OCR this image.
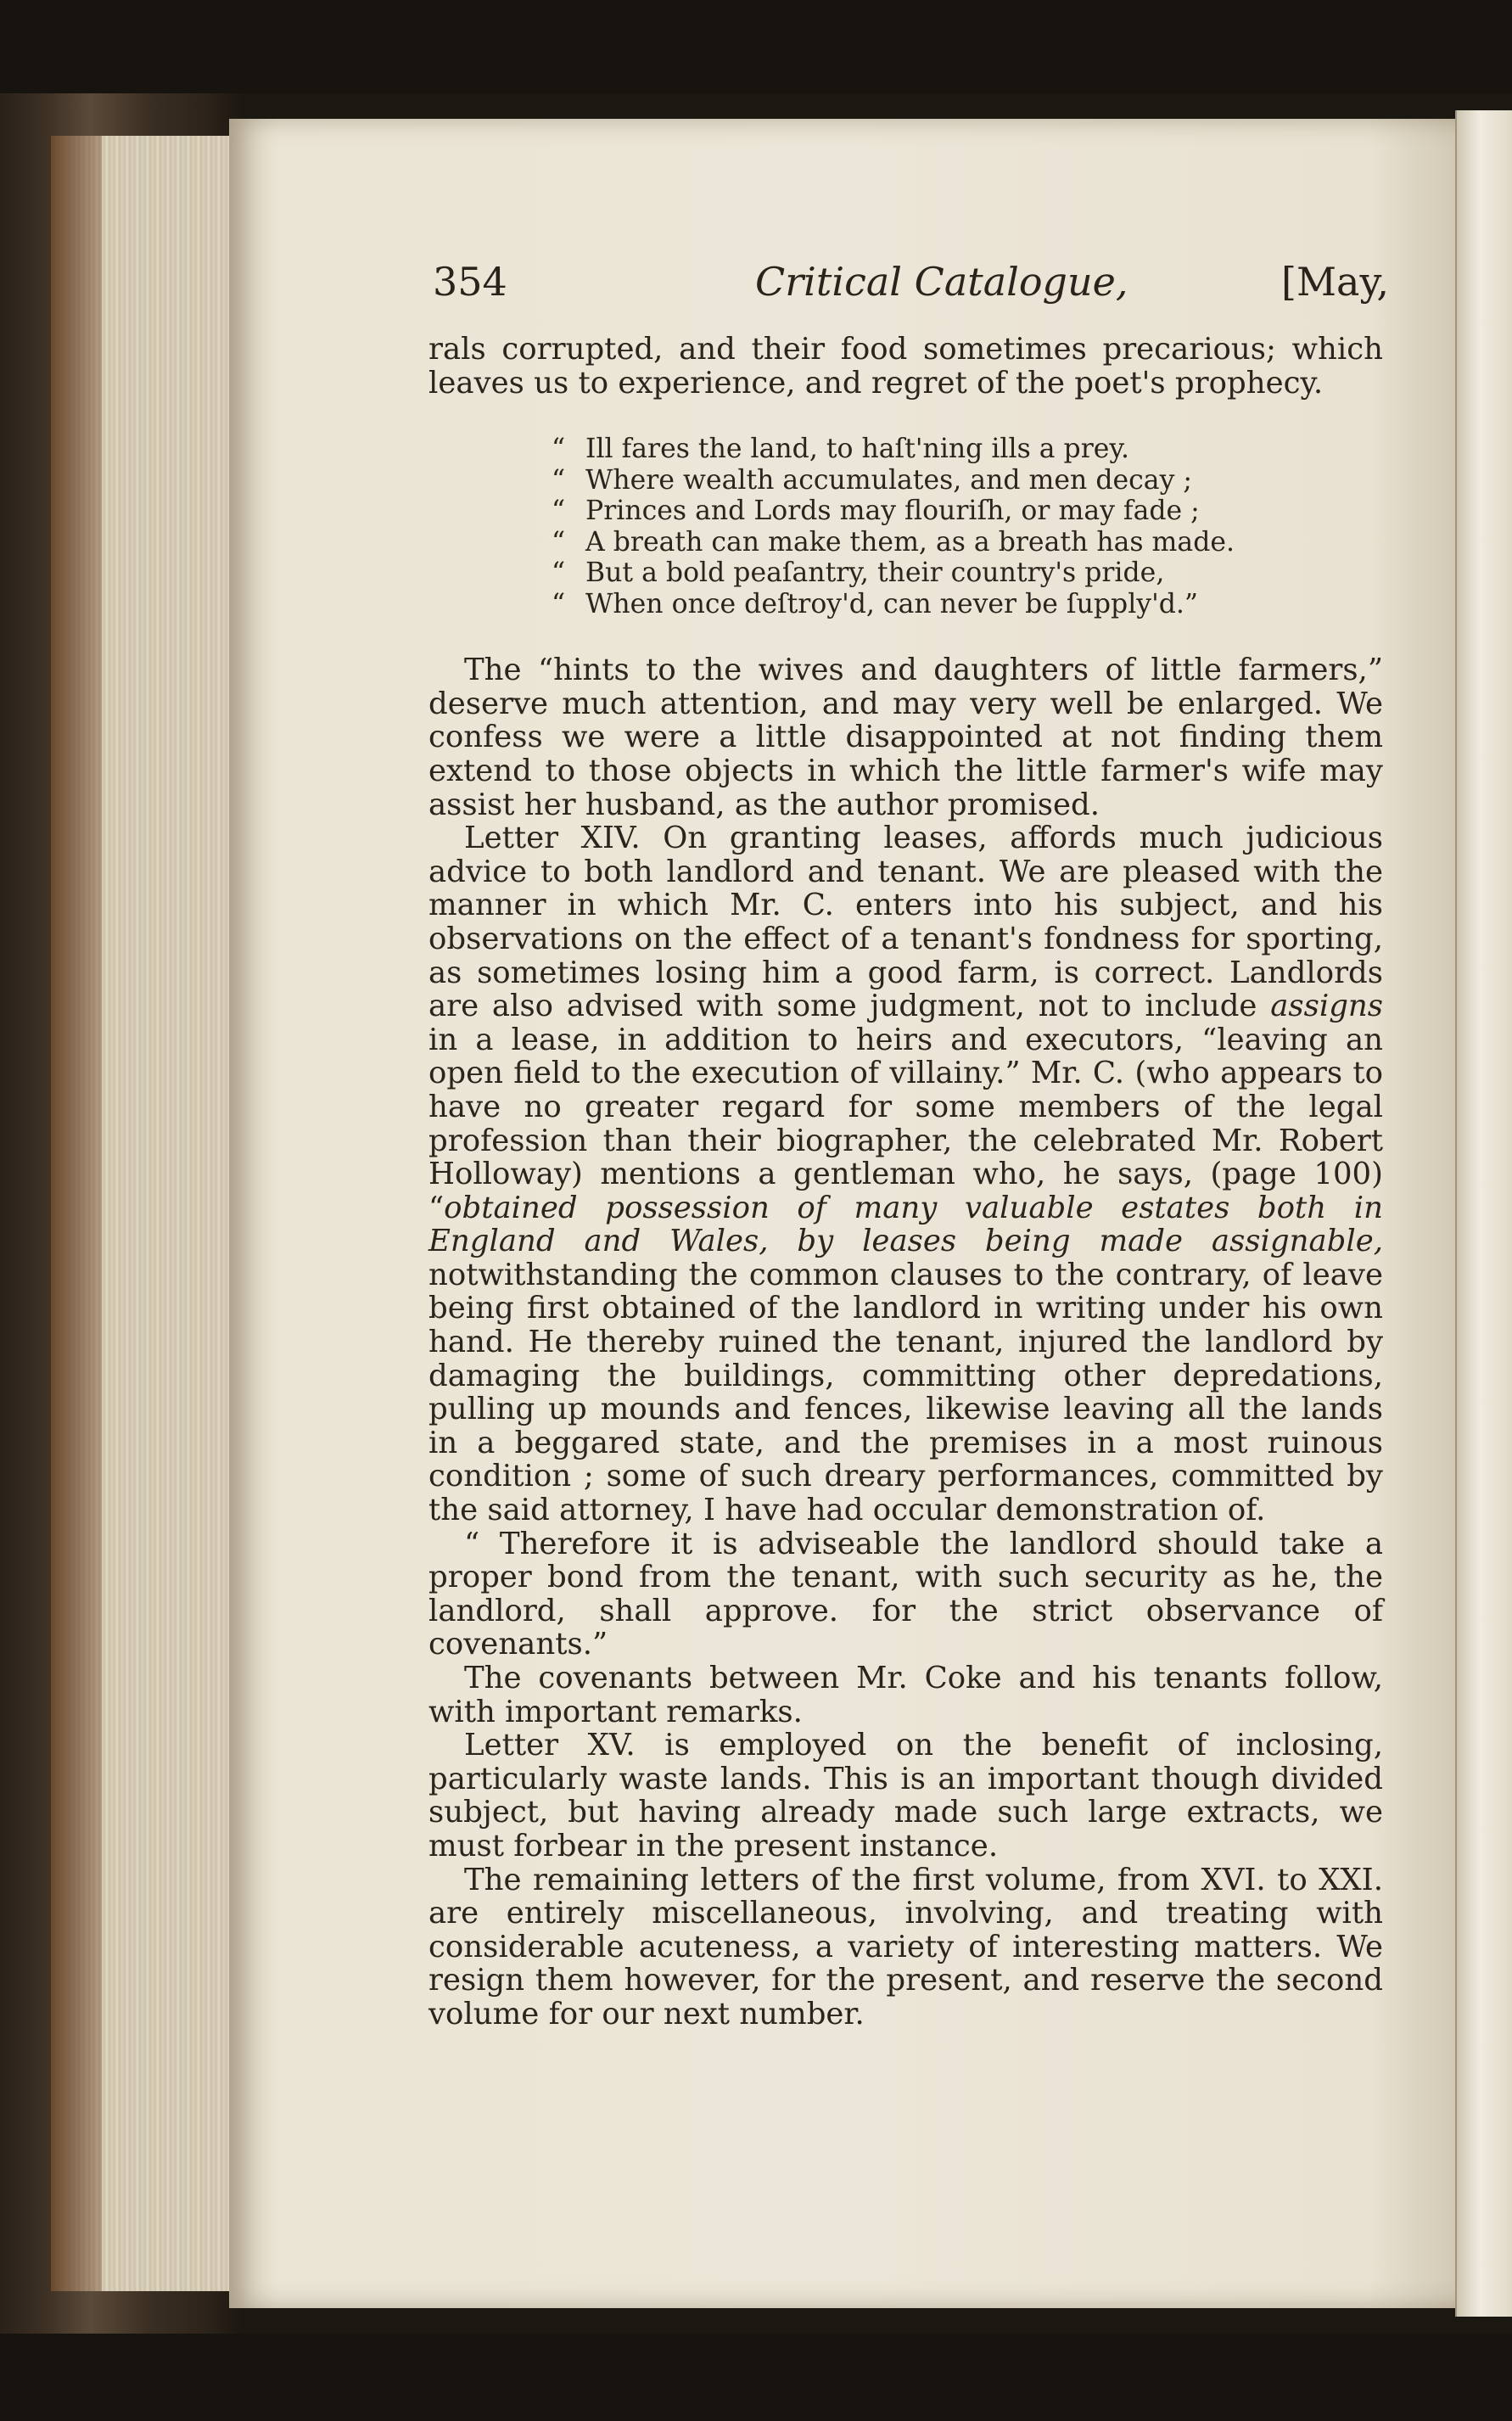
354	Critical Catalogue,	[May,

rals corrupted, and their food sometimes precarious; which leaves us to experience, and regret of the poet's prophecy.

“ Ill fares the land, to haſt'ning ills a prey.
“ Where wealth accumulates, and men decay ;
“ Princes and Lords may flouriſh, or may fade ;
“ A breath can make them, as a breath has made.
“ But a bold peaſantry, their country's pride,
“ When once deſtroy'd, can never be ſupply'd.”

The “hints to the wives and daughters of little farmers,” deserve much attention, and may very well be enlarged. We confess we were a little disappointed at not finding them extend to those objects in which the little farmer's wife may assist her husband, as the author promised.

Letter XIV. On granting leases, affords much judicious advice to both landlord and tenant. We are pleased with the manner in which Mr. C. enters into his subject, and his observations on the effect of a tenant's fondness for sporting, as sometimes losing him a good farm, is correct. Landlords are also advised with some judgment, not to include assigns in a lease, in addition to heirs and executors, “leaving an open field to the execution of villainy.” Mr. C. (who appears to have no greater regard for some members of the legal profession than their biographer, the celebrated Mr. Robert Holloway) mentions a gentleman who, he says, (page 100) “obtained possession of many valuable estates both in England and Wales, by leases being made assignable, notwithstanding the common clauses to the contrary, of leave being first obtained of the landlord in writing under his own hand. He thereby ruined the tenant, injured the landlord by damaging the buildings, committing other depredations, pulling up mounds and fences, likewise leaving all the lands in a beggared state, and the premises in a most ruinous condition ; some of such dreary performances, committed by the said attorney, I have had occular demonstration of.

“ Therefore it is adviseable the landlord should take a proper bond from the tenant, with such security as he, the landlord, shall approve. for the strict observance of covenants.”

The covenants between Mr. Coke and his tenants follow, with important remarks.

Letter XV. is employed on the benefit of inclosing, particularly waste lands. This is an important though divided subject, but having already made such large extracts, we must forbear in the present instance.

The remaining letters of the first volume, from XVI. to XXI. are entirely miscellaneous, involving, and treating with considerable acuteness, a variety of interesting matters. We resign them however, for the present, and reserve the second volume for our next number.
